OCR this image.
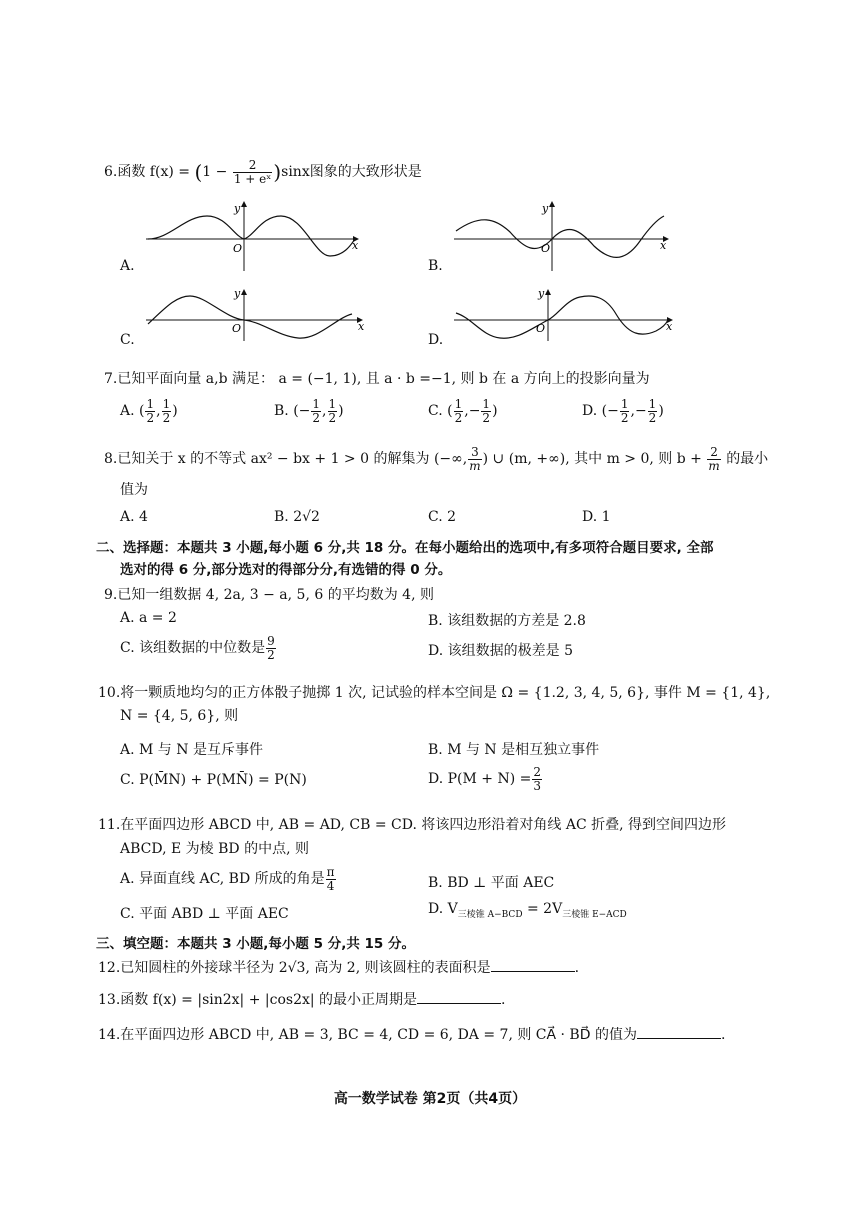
6.函数 $f(x) = (1 - \frac{2}{\text{1 + eˣ}} )\sin x$图象的大致形状是
x
y
O	x
y
O
x
y
O	x
y
O
A.	B.
C.	D.
7.已知平面向量 a,b 满足： a = (−1, 1), 且 a · b =−1, 则 b 在 a 方向上的投影向量为
A. ( $\frac{1}{2}$ , $\frac{1}{2}$ )	B. (− $\frac{1}{2}$ , $\frac{1}{2}$ )	C. ( $\frac{1}{2}$ ,− $\frac{1}{2}$ )	D. (− $\frac{1}{2}$ ,− $\frac{1}{2}$ )
8.已知关于 x 的不等式 ax² − bx + 1 > 0 的解集为 (−∞, $\frac{3}{m}$ ) ∪ (m, +∞), 其中 m > 0, 则 $b + \frac{2}{m}$ 的最小
值为
A. 4	B. 2√2	C. 2	D. 1
二、选择题：本题共 3 小题,每小题 6 分,共 18 分。在每小题给出的选项中,有多项符合题目要求, 全部
选对的得 6 分,部分选对的得部分分,有选错的得 0 分。
9.已知一组数据 4, 2a, 3 − a, 5, 6 的平均数为 4, 则
A. a = 2	B. 该组数据的方差是 2.8
C. 该组数据的中位数是 $\frac{9}{2}$	D. 该组数据的极差是 5
10.将一颗质地均匀的正方体骰子抛掷 1 次, 记试验的样本空间是 Ω = {1.2, 3, 4, 5, 6}, 事件 M = {1, 4},
N = {4, 5, 6}, 则
A. M 与 N 是互斥事件	B. M 与 N 是相互独立事件
C. P(M̄N) + P(MN̄) = P(N)	D. $P(M + N) = \frac{2}{3}$
11.在平面四边形 ABCD 中, AB = AD, CB = CD. 将该四边形沿着对角线 AC 折叠, 得到空间四边形
ABCD, E 为棱 BD 的中点, 则
A. 异面直线 AC, BD 所成的角是 $\frac{\pi}{4}$	B. BD ⊥ 平面 AEC
C. 平面 ABD ⊥ 平面 AEC	D. $V_{三棱锥 A-BCD} = 2V_{三棱锥 E-ACD}$
三、填空题：本题共 3 小题,每小题 5 分,共 15 分。
12.已知圆柱的外接球半径为 2√3, 高为 2, 则该圆柱的表面积是	.
13.函数 f(x) = |sin2x| + |cos2x| 的最小正周期是	.
14.在平面四边形 ABCD 中, AB = 3, BC = 4, CD = 6, DA = 7, 则 CA⃗ · BD⃗ 的值为	.
高一数学试卷 第2页（共4页）
